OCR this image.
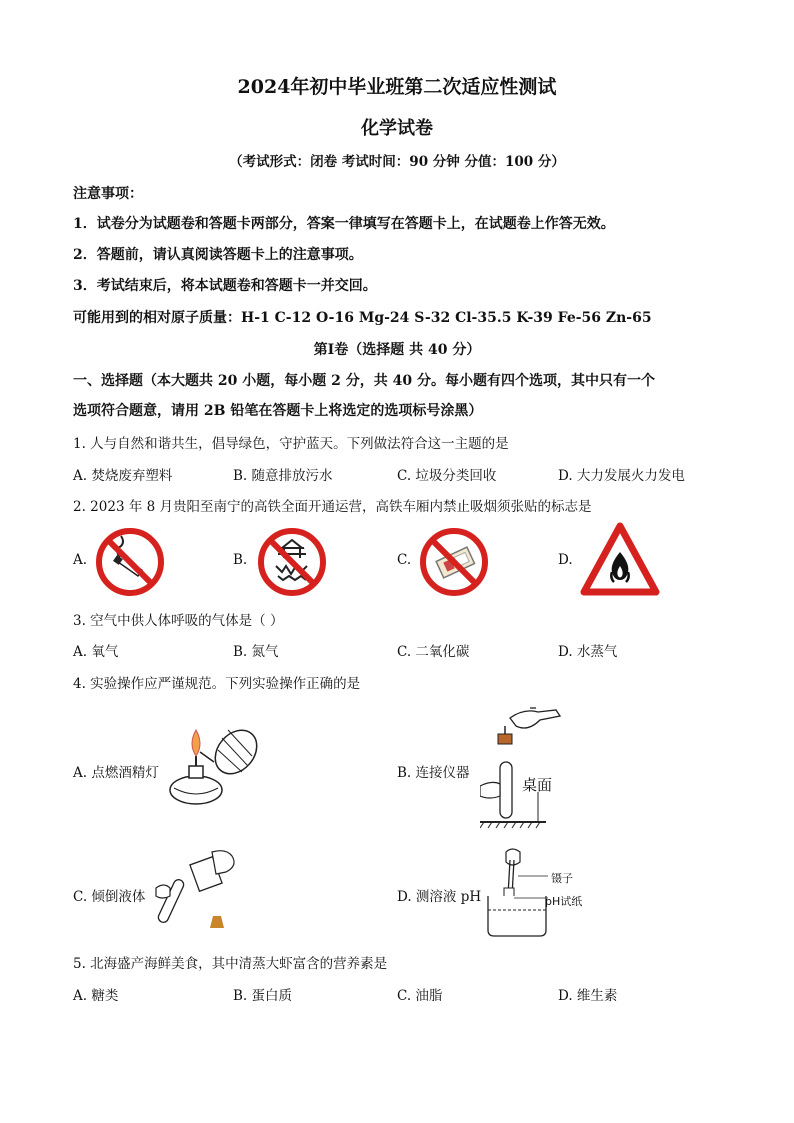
2024年初中毕业班第二次适应性测试
化学试卷
（考试形式：闭卷 考试时间：90 分钟 分值：100 分）
注意事项：
1．试卷分为试题卷和答题卡两部分，答案一律填写在答题卡上，在试题卷上作答无效。
2．答题前，请认真阅读答题卡上的注意事项。
3．考试结束后，将本试题卷和答题卡一并交回。
可能用到的相对原子质量：H-1 C-12 O-16 Mg-24 S-32 Cl-35.5 K-39 Fe-56 Zn-65
第Ⅰ卷（选择题 共 40 分）
一、选择题（本大题共 20 小题，每小题 2 分，共 40 分。每小题有四个选项，其中只有一个
选项符合题意，请用 2B 铅笔在答题卡上将选定的选项标号涂黑）
1. 人与自然和谐共生，倡导绿色，守护蓝天。下列做法符合这一主题的是
A. 焚烧废弃塑料	B. 随意排放污水	C. 垃圾分类回收	D. 大力发展火力发电
2. 2023 年 8 月贵阳至南宁的高铁全面开通运营，高铁车厢内禁止吸烟须张贴的标志是
A.	B.	C.	D.
3. 空气中供人体呼吸的气体是（ ）
A. 氧气	B. 氮气	C. 二氧化碳	D. 水蒸气
4. 实验操作应严谨规范。下列实验操作正确的是
A. 点燃酒精灯	B. 连接仪器
C. 倾倒液体	D. 测溶液 pH
桌面
镊子
pH试纸
5. 北海盛产海鲜美食，其中清蒸大虾富含的营养素是
A. 糖类	B. 蛋白质	C. 油脂	D. 维生素
